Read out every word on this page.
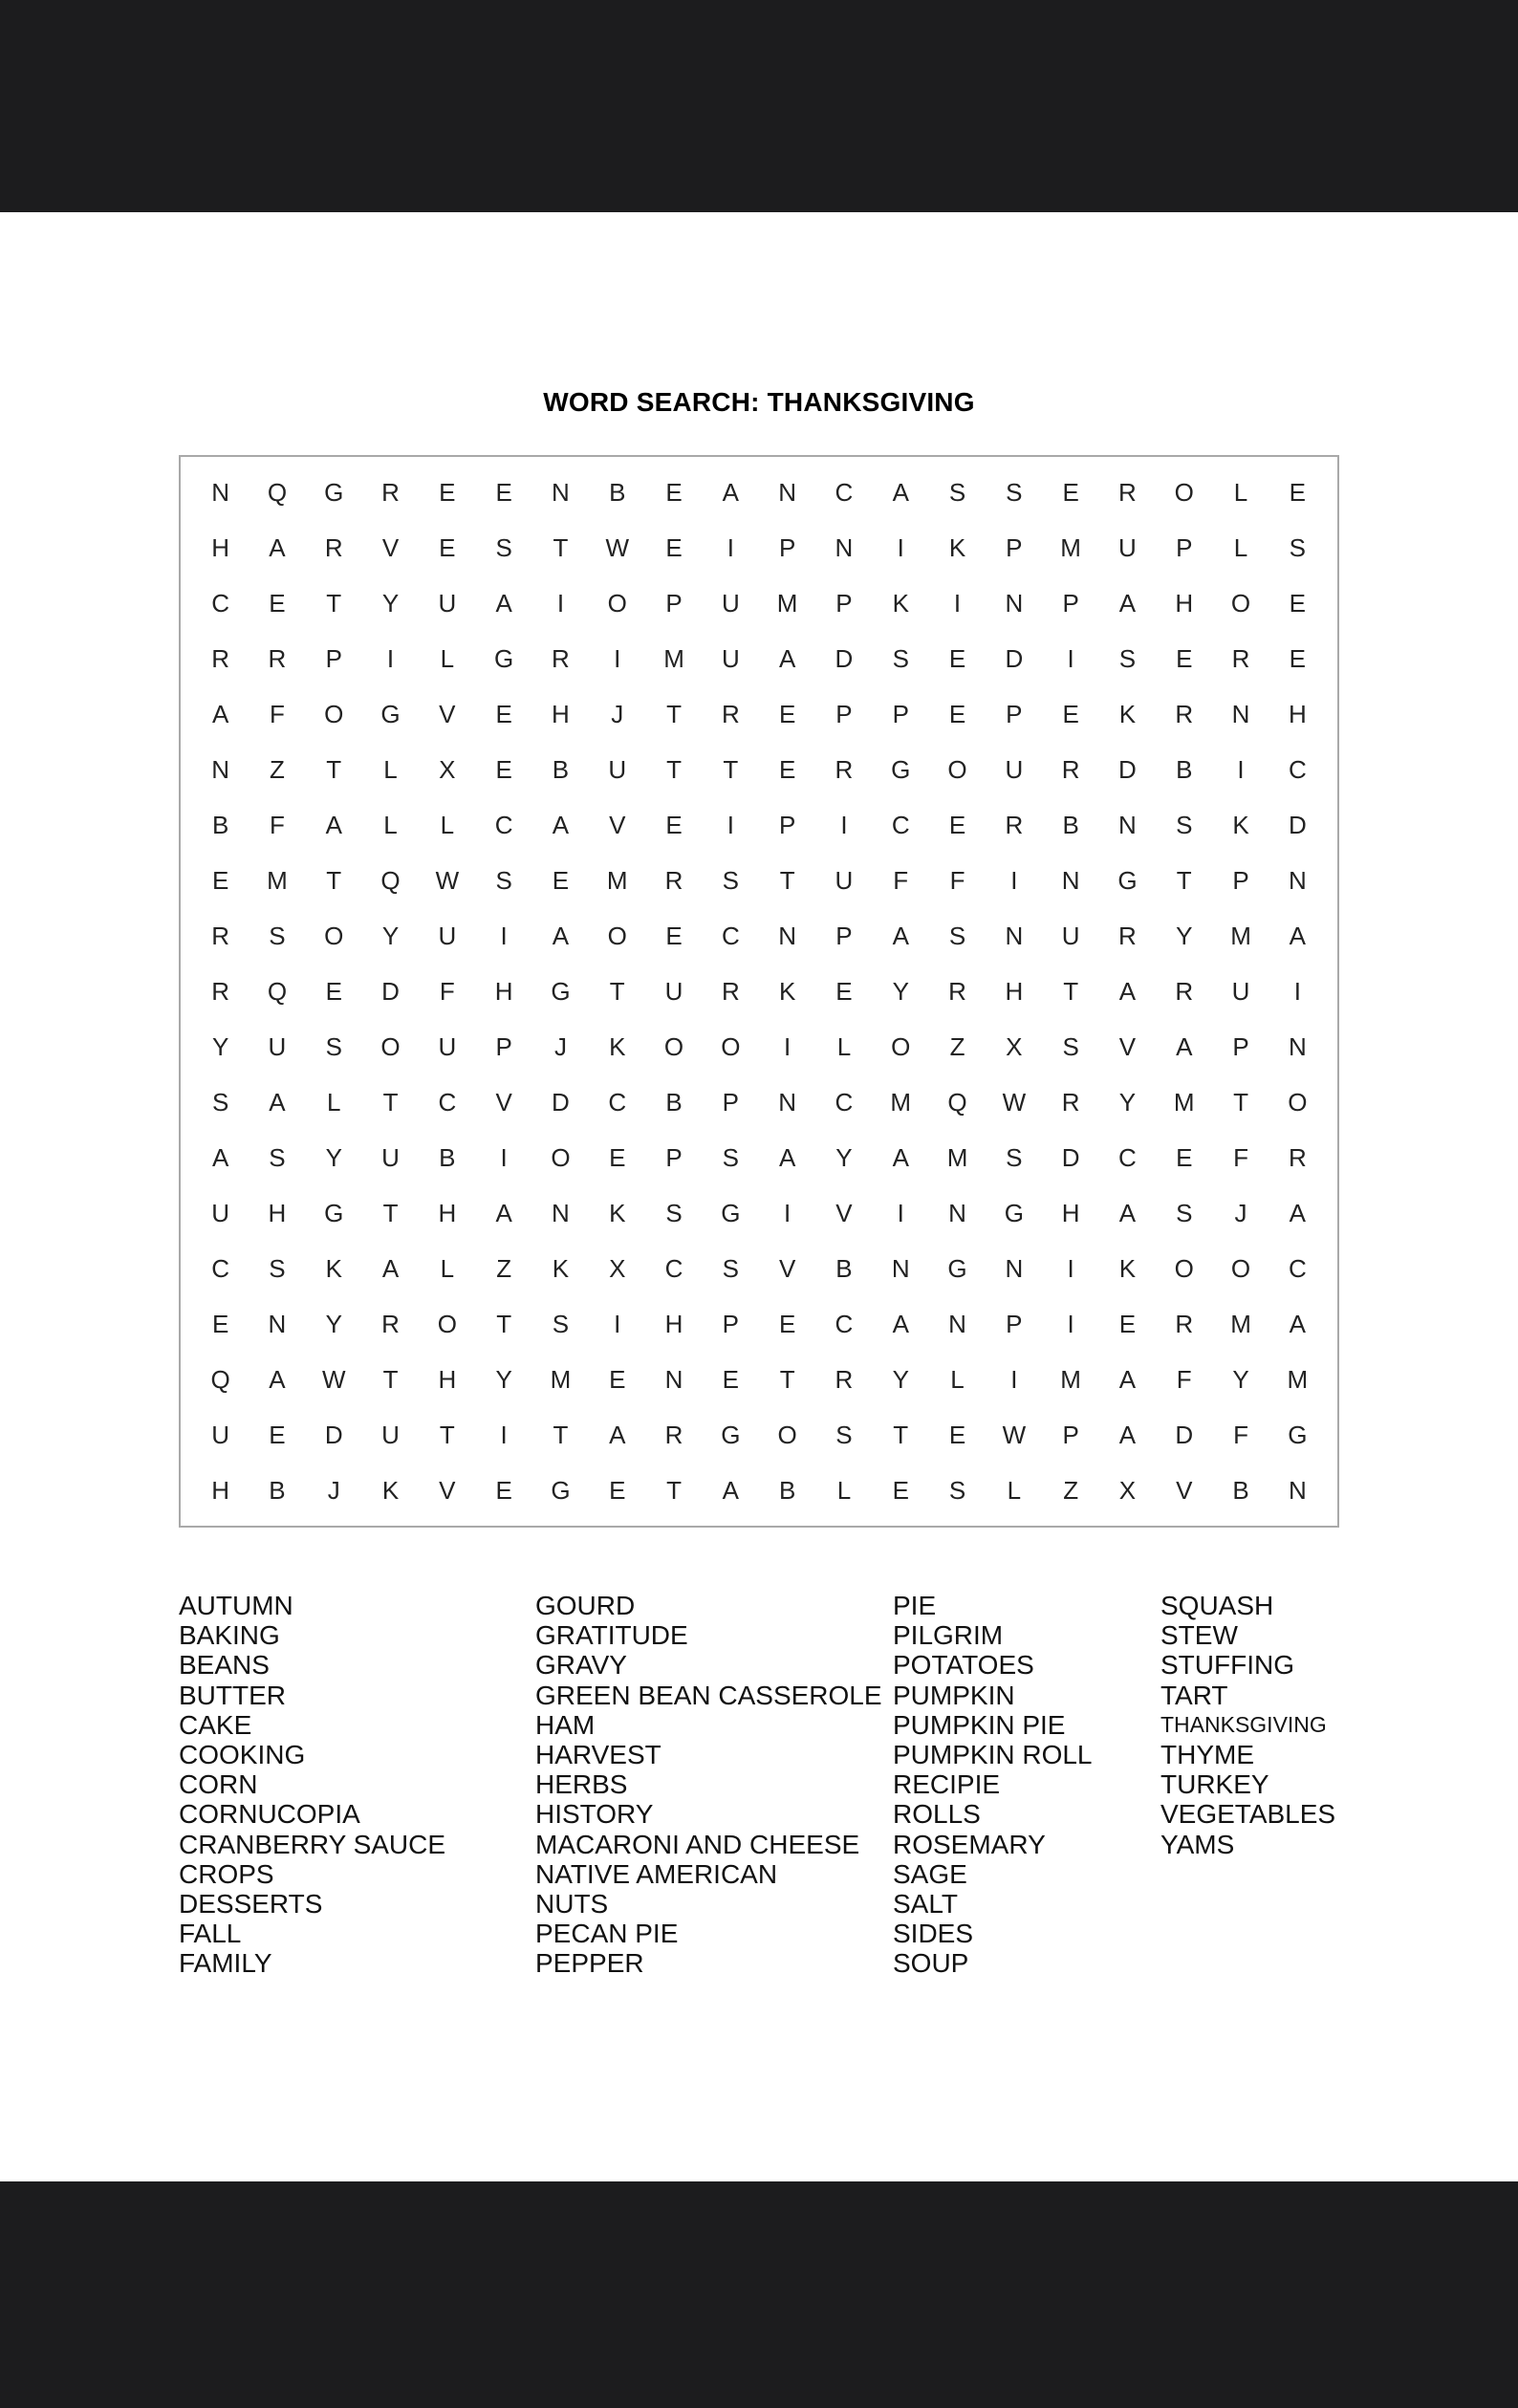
WORD SEARCH: THANKSGIVING
N	Q	G	R	E	E	N	B	E	A	N	C	A	S	S	E	R	O	L	E
H	A	R	V	E	S	T	W	E	I	P	N	I	K	P	M	U	P	L	S
C	E	T	Y	U	A	I	O	P	U	M	P	K	I	N	P	A	H	O	E
R	R	P	I	L	G	R	I	M	U	A	D	S	E	D	I	S	E	R	E
A	F	O	G	V	E	H	J	T	R	E	P	P	E	P	E	K	R	N	H
N	Z	T	L	X	E	B	U	T	T	E	R	G	O	U	R	D	B	I	C
B	F	A	L	L	C	A	V	E	I	P	I	C	E	R	B	N	S	K	D
E	M	T	Q	W	S	E	M	R	S	T	U	F	F	I	N	G	T	P	N
R	S	O	Y	U	I	A	O	E	C	N	P	A	S	N	U	R	Y	M	A
R	Q	E	D	F	H	G	T	U	R	K	E	Y	R	H	T	A	R	U	I
Y	U	S	O	U	P	J	K	O	O	I	L	O	Z	X	S	V	A	P	N
S	A	L	T	C	V	D	C	B	P	N	C	M	Q	W	R	Y	M	T	O
A	S	Y	U	B	I	O	E	P	S	A	Y	A	M	S	D	C	E	F	R
U	H	G	T	H	A	N	K	S	G	I	V	I	N	G	H	A	S	J	A
C	S	K	A	L	Z	K	X	C	S	V	B	N	G	N	I	K	O	O	C
E	N	Y	R	O	T	S	I	H	P	E	C	A	N	P	I	E	R	M	A
Q	A	W	T	H	Y	M	E	N	E	T	R	Y	L	I	M	A	F	Y	M
U	E	D	U	T	I	T	A	R	G	O	S	T	E	W	P	A	D	F	G
H	B	J	K	V	E	G	E	T	A	B	L	E	S	L	Z	X	V	B	N
AUTUMN
BAKING
BEANS
BUTTER
CAKE
COOKING
CORN
CORNUCOPIA
CRANBERRY SAUCE
CROPS
DESSERTS
FALL
FAMILY
GOURD
GRATITUDE
GRAVY
GREEN BEAN CASSEROLE
HAM
HARVEST
HERBS
HISTORY
MACARONI AND CHEESE
NATIVE AMERICAN
NUTS
PECAN PIE
PEPPER
PIE
PILGRIM
POTATOES
PUMPKIN
PUMPKIN PIE
PUMPKIN ROLL
RECIPIE
ROLLS
ROSEMARY
SAGE
SALT
SIDES
SOUP
SQUASH
STEW
STUFFING
TART
THANKSGIVING
THYME
TURKEY
VEGETABLES
YAMS
